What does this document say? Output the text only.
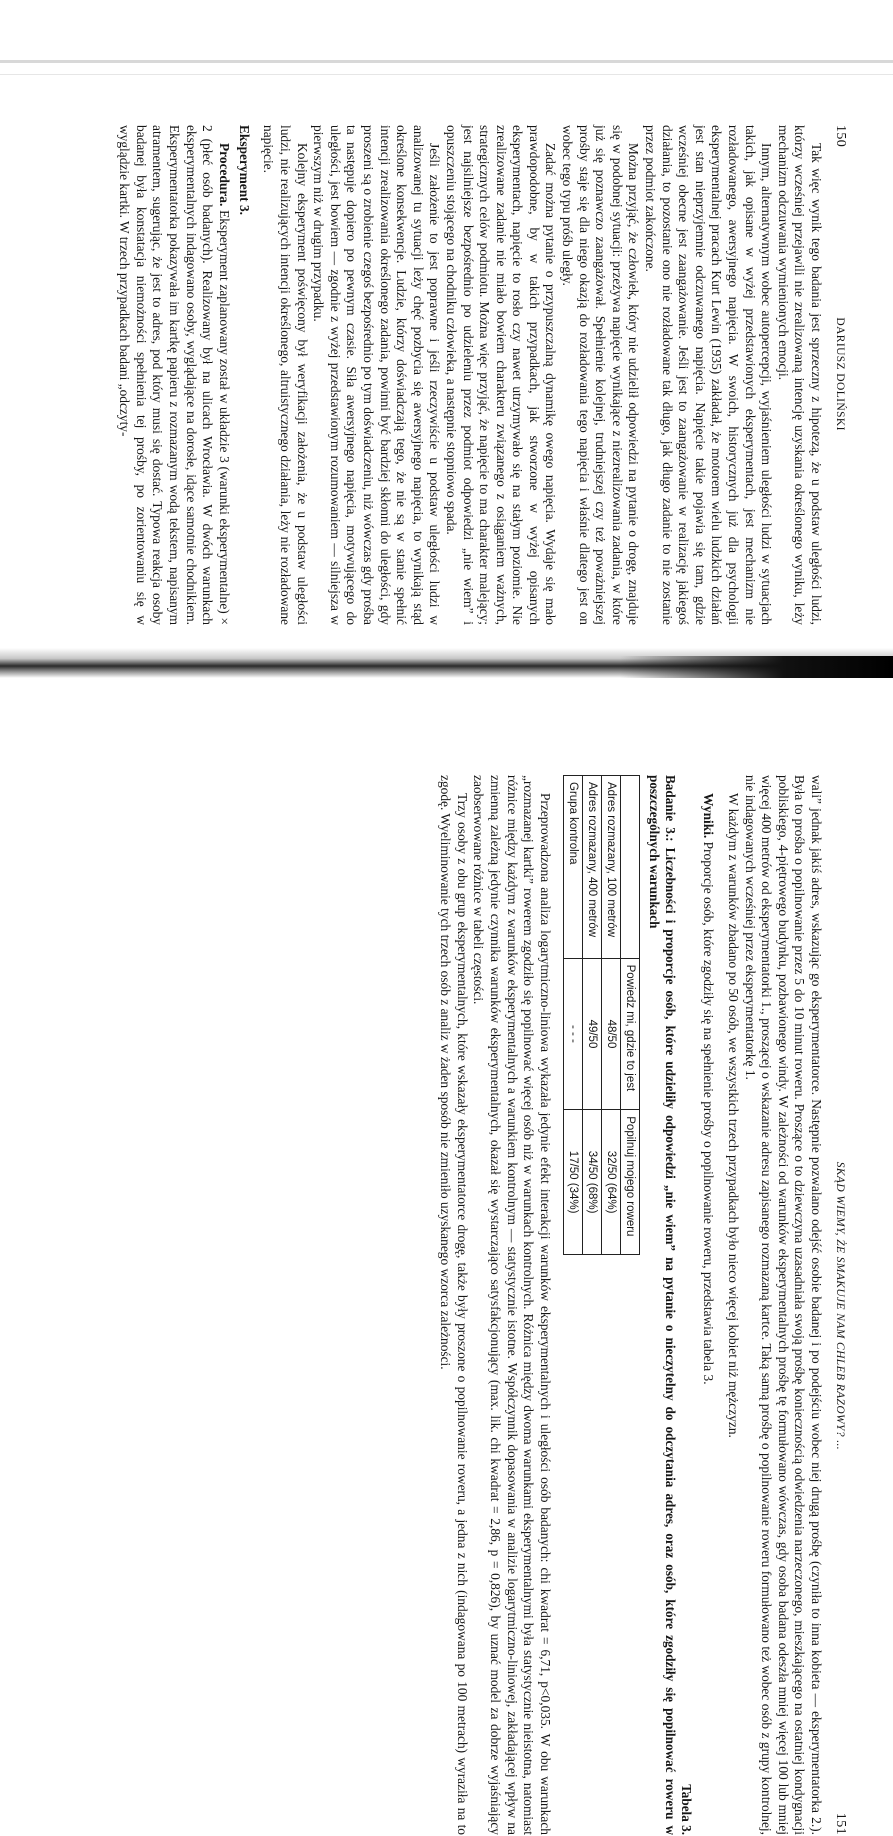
150
DARIUSZ DOLIŃSKI

Tak więc wynik tego badania jest sprzeczny z hipotezą, że u podstaw uległości ludzi, którzy wcześniej przejawili nie zrealizowaną intencję uzyskania określonego wyniku, leży mechanizm odczuwania wymienionych emocji.

Innym, alternatywnym wobec autopercepcji, wyjaśnieniem uległości ludzi w sytuacjach takich, jak opisane w wyżej przedstawionych eksperymentach, jest mechanizm nie rozładowanego, awersyjnego napięcia. W swoich, historycznych już dla psychologii eksperymentalnej pracach Kurt Lewin (1935) zakładał, że motorem wielu ludzkich działań jest stan nieprzyjemnie odczuwanego napięcia. Napięcie takie pojawia się tam, gdzie wcześniej obecne jest zaangażowanie. Jeśli jest to zaangażowanie w realizację jakiegoś działania, to pozostanie ono nie rozładowane tak długo, jak długo zadanie to nie zostanie przez podmiot zakończone.

Można przyjąć, że człowiek, który nie udzielił odpowiedzi na pytanie o drogę, znajduje się w podobnej sytuacji: przeżywa napięcie wynikające z niezrealizowania zadania, w które już się poznawczo zaangażował. Spełnienie kolejnej, trudniejszej czy też poważniejszej prośby staje się dla niego okazją do rozładowania tego napięcia i właśnie dlatego jest on wobec tego typu próśb uległy.

Zadać można pytanie o przypuszczalną dynamikę owego napięcia. Wydaje się mało prawdopodobne, by w takich przypadkach, jak stworzone w wyżej opisanych eksperymentach, napięcie to rosło czy nawet utrzymywało się na stałym poziomie. Nie zrealizowane zadanie nie miało bowiem charakteru związanego z osiąganiem ważnych, strategicznych celów podmiotu. Można więc przyjąć, że napięcie to ma charakter malejący; jest najsilniejsze bezpośrednio po udzieleniu przez podmiot odpowiedzi „nie wiem” i opuszczeniu stojącego na chodniku człowieka, a następnie stopniowo spada.

Jeśli założenie to jest poprawne i jeśli rzeczywiście u podstaw uległości ludzi w analizowanej tu sytuacji leży chęć pozbycia się awersyjnego napięcia, to wynikają stąd określone konsekwencje. Ludzie, którzy doświadczają tego, że nie są w stanie spełnić intencji zrealizowania określonego zadania, powinni być bardziej skłonni do uległości, gdy proszeni są o zrobienie czegoś bezpośrednio po tym doświadczeniu, niż wówczas gdy prośba ta następuje dopiero po pewnym czasie. Siła awersyjnego napięcia, motywującego do uległości, jest bowiem — zgodnie z wyżej przedstawionym rozumowaniem — silniejsza w pierwszym niż w drugim przypadku.

Kolejny eksperyment poświęcony był weryfikacji założenia, że u podstaw uległości ludzi, nie realizujących intencji określonego, altruistycznego działania, leży nie rozładowane napięcie.

Eksperyment 3.

Procedura. Eksperyment zaplanowany został w układzie 3 (warunki eksperymentalne) × 2 (płeć osób badanych). Realizowany był na ulicach Wrocławia. W dwóch warunkach eksperymentalnych indagowano osoby, wyglądające na dorosłe, idące samotnie chodnikiem. Eksperymentatorka pokazywała im kartkę papieru z rozmazanym wodą tekstem, napisanym atramentem, sugerując, że jest to adres, pod który musi się dostać. Typowa reakcja osoby badanej była konstatacja niemożności spełnienia tej prośby, po zorientowaniu się w wyglądzie kartki. W trzech przypadkach badani „odczyty-

SKĄD WIEMY, ŻE SMAKUJE NAM CHLEB RAZOWY? ...
151

wali” jednak jakiś adres, wskazując go eksperymentatorce. Następnie pozwalano odejść osobie badanej i po podejściu wobec niej drugą prośbę (czyniła to inna kobieta — eksperymentatorka 2.). Była to prośba o popilnowanie przez 5 do 10 minut roweru. Proszące o to dziewczyna uzasadniała swoją prośbę koniecznością odwiedzenia narzeczonego, mieszkającego na ostatniej kondygnacji pobliskiego, 4-piętrowego budynku, pozbawionego windy. W zależności od warunków eksperymentalnych prośbę tę formułowano wówczas, gdy osoba badana odeszła mniej więcej 100 lub mniej więcej 400 metrów od eksperymentatorki 1., proszącej o wskazanie adresu zapisanego rozmazaną kartce. Taką samą prośbę o popilnowanie roweru formułowano też wobec osób z grupy kontrolnej, nie indagowanych wcześniej przez eksperymentatorkę 1.

W każdym z warunków zbadano po 50 osób, we wszystkich trzech przypadkach było nieco więcej kobiet niż mężczyzn.

Wyniki. Proporcje osób, które zgodziły się na spełnienie prośby o popilnowanie roweru, przedstawia tabela 3.

Tabela 3.
Badanie 3.: Liczebności i proporcje osób, które udzieliły odpowiedzi „nie wiem” na pytanie o nieczytelny do odczytania adres, oraz osób, które zgodziły się popilnować roweru w poszczególnych warunkach
	Powiedz mi, gdzie to jest	Popilnuj mojego roweru
Adres rozmazany, 100 metrów	48/50	32/50 (64%)
Adres rozmazany, 400 metrów	49/50	34/50 (68%)
Grupa kontrolna	- - -	17/50 (34%)

Przeprowadzona analiza logarytmiczno-liniowa wykazała jedynie efekt interakcji warunków eksperymentalnych i uległości osób badanych: chi kwadrat = 6,71, p<0,035. W obu warunkach „rozmazanej kartki” rowerem zgodziło się popilnować więcej osób niż w warunkach kontrolnych. Różnica między dwoma warunkami eksperymentalnymi była statystycznie nieistotna, natomiast różnice między każdym z warunków eksperymentalnych a warunkiem kontrolnym — statystycznie istotne. Współczynnik dopasowania w analizie logarytmiczno-liniowej, zakładającej wpływ na zmienną zależną jedynie czynnika warunków eksperymentalnych, okazał się wystarczająco satysfakcjonujący (max. lik. chi kwadrat = 2,86, p = 0,826), by uznać model za dobrze wyjaśniający zaobserwowane różnice w tabeli częstości.

Trzy osoby z obu grup eksperymentalnych, które wskazały eksperymentatorce drogę, także były proszone o popilnowanie roweru, a jedna z nich (indagowana po 100 metrach) wyraziła na to zgodę. Wyeliminowanie tych trzech osób z analiz w żaden sposób nie zmieniło uzyskanego wzorca zależności.
